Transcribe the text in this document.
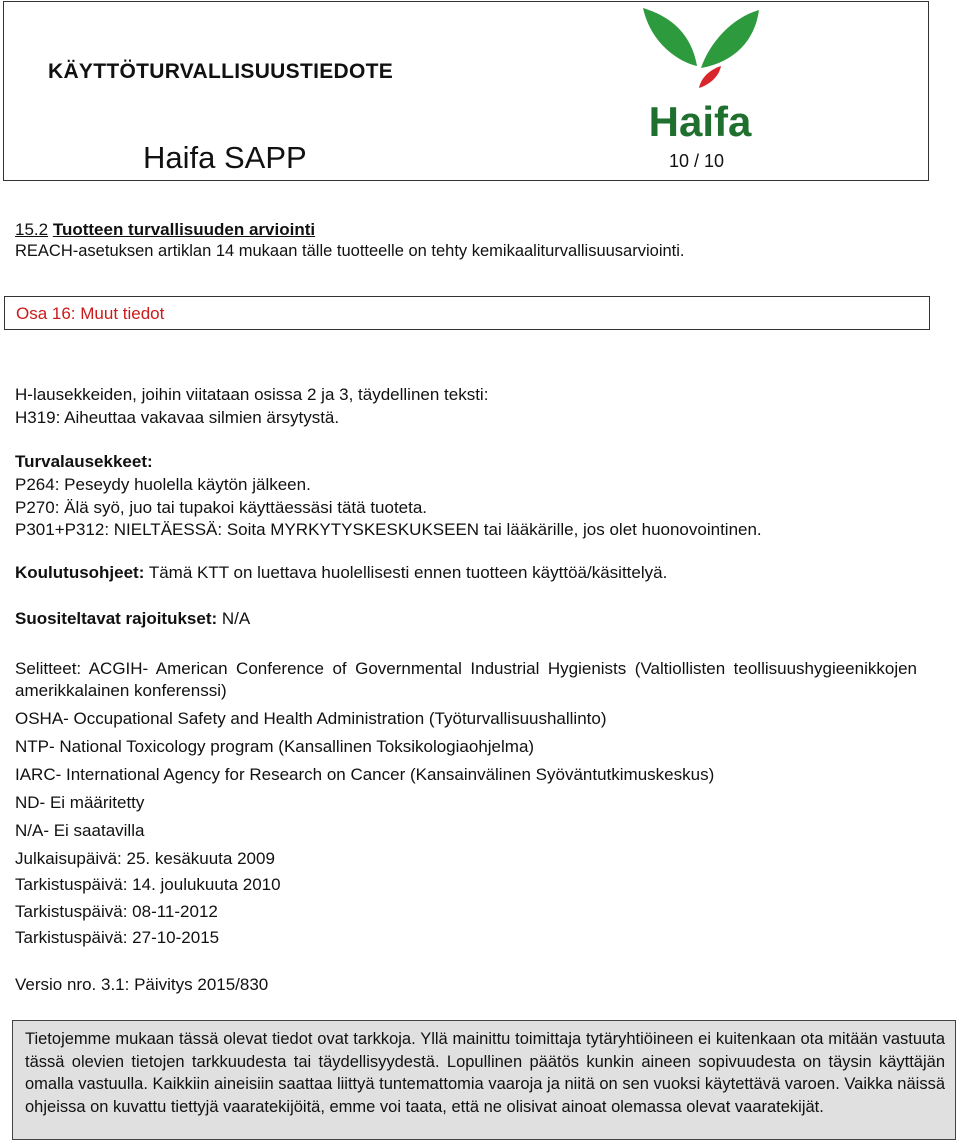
KÄYTTÖTURVALLISUUSTIEDOTE
Haifa SAPP	10 / 10
Haifa
15.2 Tuotteen turvallisuuden arviointi
REACH-asetuksen artiklan 14 mukaan tälle tuotteelle on tehty kemikaaliturvallisuusarviointi.
Osa 16: Muut tiedot
H-lausekkeiden, joihin viitataan osissa 2 ja 3, täydellinen teksti:
H319: Aiheuttaa vakavaa silmien ärsytystä.
Turvalausekkeet:
P264: Peseydy huolella käytön jälkeen.
P270: Älä syö, juo tai tupakoi käyttäessäsi tätä tuoteta.
P301+P312: NIELTÄESSÄ: Soita MYRKYTYSKESKUKSEEN tai lääkärille, jos olet huonovointinen.
Koulutusohjeet: Tämä KTT on luettava huolellisesti ennen tuotteen käyttöä/käsittelyä.
Suositeltavat rajoitukset: N/A
Selitteet: ACGIH- American Conference of Governmental Industrial Hygienists (Valtiollisten teollisuushygieenikkojen amerikkalainen konferenssi)
OSHA- Occupational Safety and Health Administration (Työturvallisuushallinto)
NTP- National Toxicology program (Kansallinen Toksikologiaohjelma)
IARC- International Agency for Research on Cancer (Kansainvälinen Syöväntutkimuskeskus)
ND- Ei määritetty
N/A- Ei saatavilla
Julkaisupäivä: 25. kesäkuuta 2009
Tarkistuspäivä: 14. joulukuuta 2010
Tarkistuspäivä: 08-11-2012
Tarkistuspäivä: 27-10-2015
Versio nro. 3.1: Päivitys 2015/830
Tietojemme mukaan tässä olevat tiedot ovat tarkkoja. Yllä mainittu toimittaja tytäryhtiöineen ei kuitenkaan ota mitään vastuuta tässä olevien tietojen tarkkuudesta tai täydellisyydestä. Lopullinen päätös kunkin aineen sopivuudesta on täysin käyttäjän omalla vastuulla. Kaikkiin aineisiin saattaa liittyä tuntemattomia vaaroja ja niitä on sen vuoksi käytettävä varoen. Vaikka näissä ohjeissa on kuvattu tiettyjä vaaratekijöitä, emme voi taata, että ne olisivat ainoat olemassa olevat vaaratekijät.
